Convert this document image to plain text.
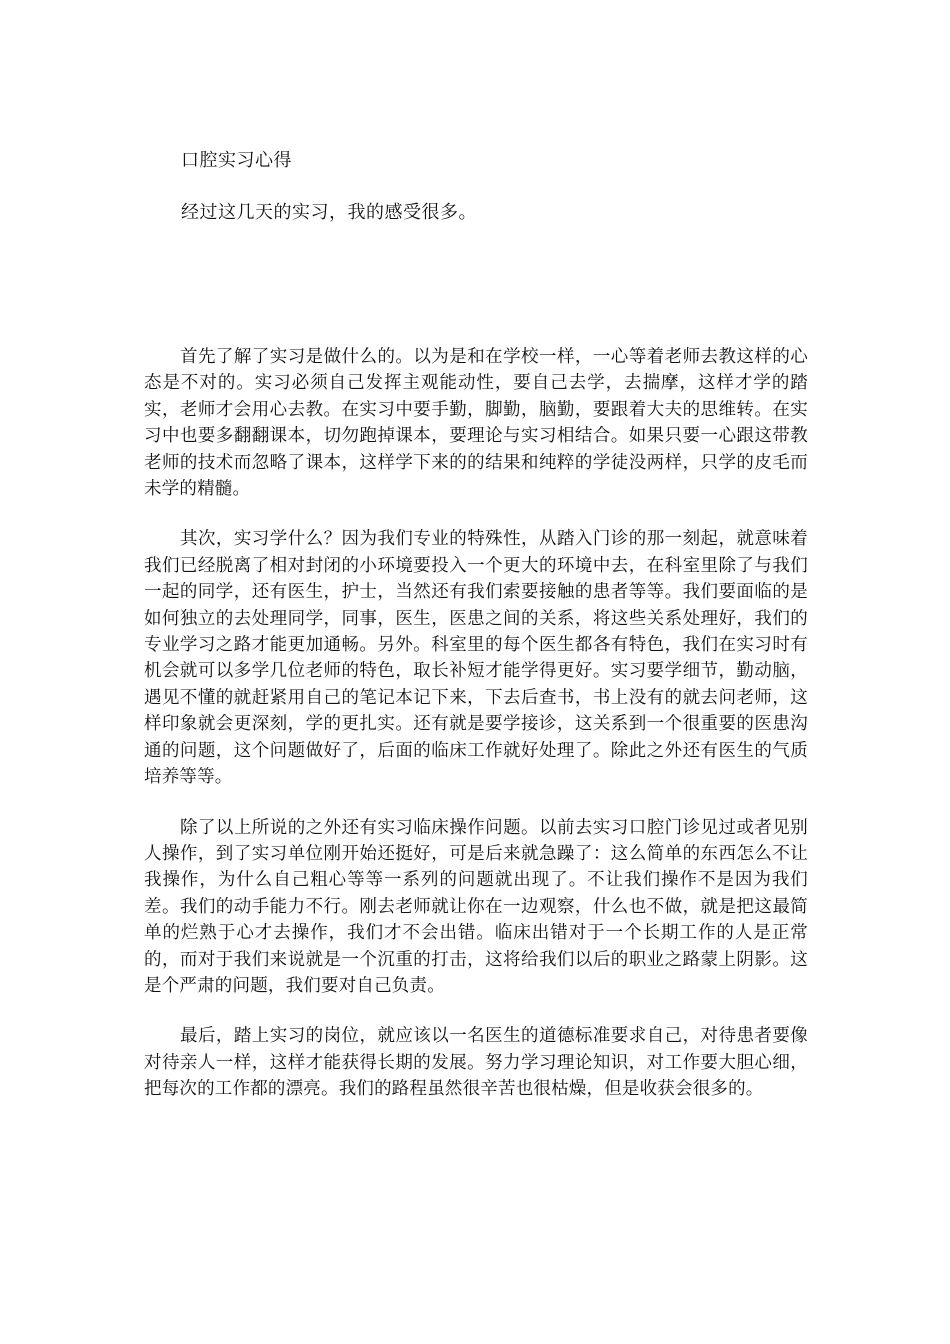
口腔实习心得
经过这几天的实习，我的感受很多。

首先了解了实习是做什么的。以为是和在学校一样，一心等着老师去教这样的心态是不对的。实习必须自己发挥主观能动性，要自己去学，去揣摩，这样才学的踏实，老师才会用心去教。在实习中要手勤，脚勤，脑勤，要跟着大夫的思维转。在实习中也要多翻翻课本，切勿跑掉课本，要理论与实习相结合。如果只要一心跟这带教老师的技术而忽略了课本，这样学下来的的结果和纯粹的学徒没两样，只学的皮毛而未学的精髓。

其次，实习学什么？因为我们专业的特殊性，从踏入门诊的那一刻起，就意味着我们已经脱离了相对封闭的小环境要投入一个更大的环境中去，在科室里除了与我们一起的同学，还有医生，护士，当然还有我们索要接触的患者等等。我们要面临的是如何独立的去处理同学，同事，医生，医患之间的关系，将这些关系处理好，我们的专业学习之路才能更加通畅。另外。科室里的每个医生都各有特色，我们在实习时有机会就可以多学几位老师的特色，取长补短才能学得更好。实习要学细节，勤动脑，遇见不懂的就赶紧用自己的笔记本记下来，下去后查书，书上没有的就去问老师，这样印象就会更深刻，学的更扎实。还有就是要学接诊，这关系到一个很重要的医患沟通的问题，这个问题做好了，后面的临床工作就好处理了。除此之外还有医生的气质培养等等。

除了以上所说的之外还有实习临床操作问题。以前去实习口腔门诊见过或者见别人操作，到了实习单位刚开始还挺好，可是后来就急躁了：这么简单的东西怎么不让我操作，为什么自己粗心等等一系列的问题就出现了。不让我们操作不是因为我们差。我们的动手能力不行。刚去老师就让你在一边观察，什么也不做，就是把这最简单的烂熟于心才去操作，我们才不会出错。临床出错对于一个长期工作的人是正常的，而对于我们来说就是一个沉重的打击，这将给我们以后的职业之路蒙上阴影。这是个严肃的问题，我们要对自己负责。

最后，踏上实习的岗位，就应该以一名医生的道德标准要求自己，对待患者要像对待亲人一样，这样才能获得长期的发展。努力学习理论知识，对工作要大胆心细，把每次的工作都的漂亮。我们的路程虽然很辛苦也很枯燥，但是收获会很多的。
